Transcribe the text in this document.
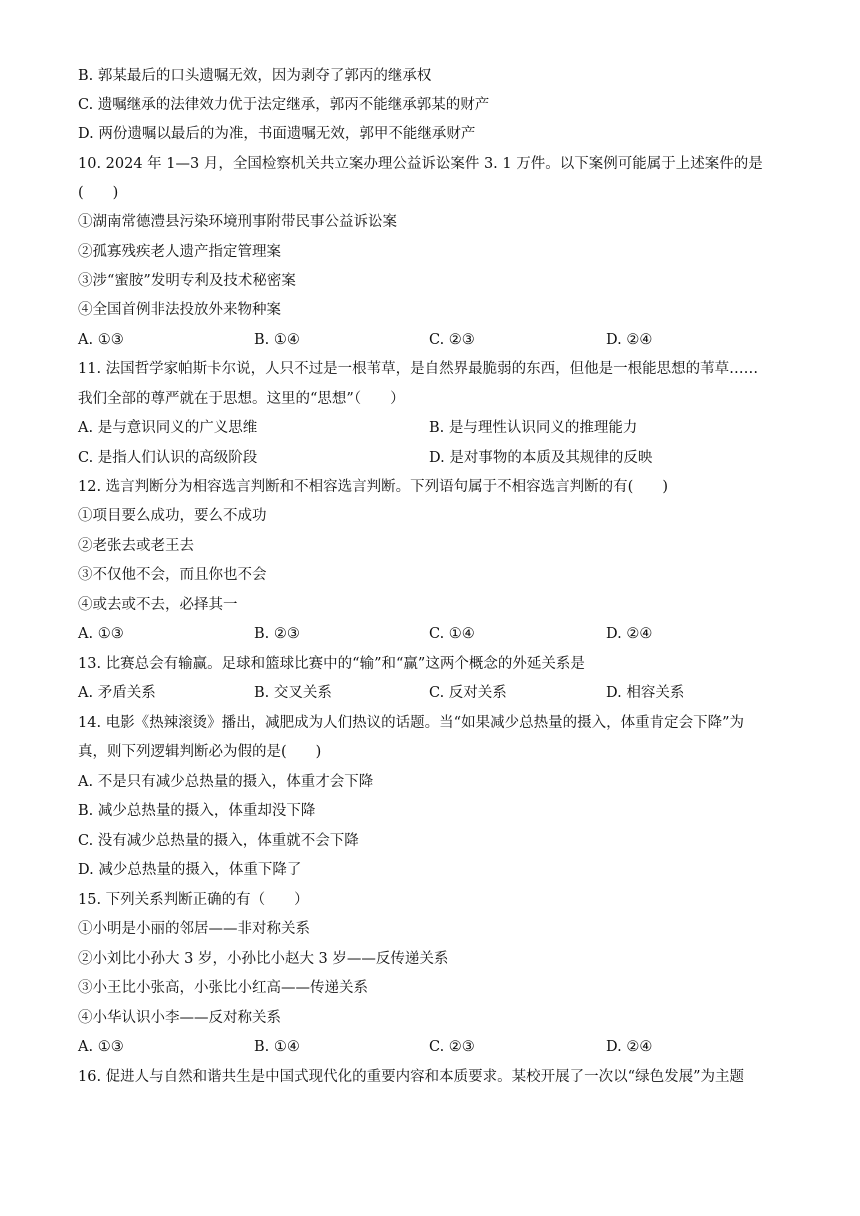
B. 郭某最后的口头遗嘱无效，因为剥夺了郭丙的继承权
C. 遗嘱继承的法律效力优于法定继承，郭丙不能继承郭某的财产
D. 两份遗嘱以最后的为准，书面遗嘱无效，郭甲不能继承财产
10. 2024 年 1—3 月，全国检察机关共立案办理公益诉讼案件 3. 1 万件。以下案例可能属于上述案件的是
(　　)
①湖南常德澧县污染环境刑事附带民事公益诉讼案
②孤寡残疾老人遗产指定管理案
③涉“蜜胺”发明专利及技术秘密案
④全国首例非法投放外来物种案
A. ①③	B. ①④	C. ②③	D. ②④
11. 法国哲学家帕斯卡尔说，人只不过是一根苇草，是自然界最脆弱的东西，但他是一根能思想的苇草……
我们全部的尊严就在于思想。这里的“思想”（　　）
A. 是与意识同义的广义思维	B. 是与理性认识同义的推理能力
C. 是指人们认识的高级阶段	D. 是对事物的本质及其规律的反映
12. 选言判断分为相容选言判断和不相容选言判断。下列语句属于不相容选言判断的有(　　)
①项目要么成功，要么不成功
②老张去或老王去
③不仅他不会，而且你也不会
④或去或不去，必择其一
A. ①③	B. ②③	C. ①④	D. ②④
13. 比赛总会有输赢。足球和篮球比赛中的“输”和“赢”这两个概念的外延关系是
A. 矛盾关系	B. 交叉关系	C. 反对关系	D. 相容关系
14. 电影《热辣滚烫》播出，减肥成为人们热议的话题。当“如果减少总热量的摄入，体重肯定会下降”为
真，则下列逻辑判断必为假的是(　　)
A. 不是只有减少总热量的摄入，体重才会下降
B. 减少总热量的摄入，体重却没下降
C. 没有减少总热量的摄入，体重就不会下降
D. 减少总热量的摄入，体重下降了
15. 下列关系判断正确的有（　　）
①小明是小丽的邻居——非对称关系
②小刘比小孙大 3 岁，小孙比小赵大 3 岁——反传递关系
③小王比小张高，小张比小红高——传递关系
④小华认识小李——反对称关系
A. ①③	B. ①④	C. ②③	D. ②④
16. 促进人与自然和谐共生是中国式现代化的重要内容和本质要求。某校开展了一次以“绿色发展”为主题
